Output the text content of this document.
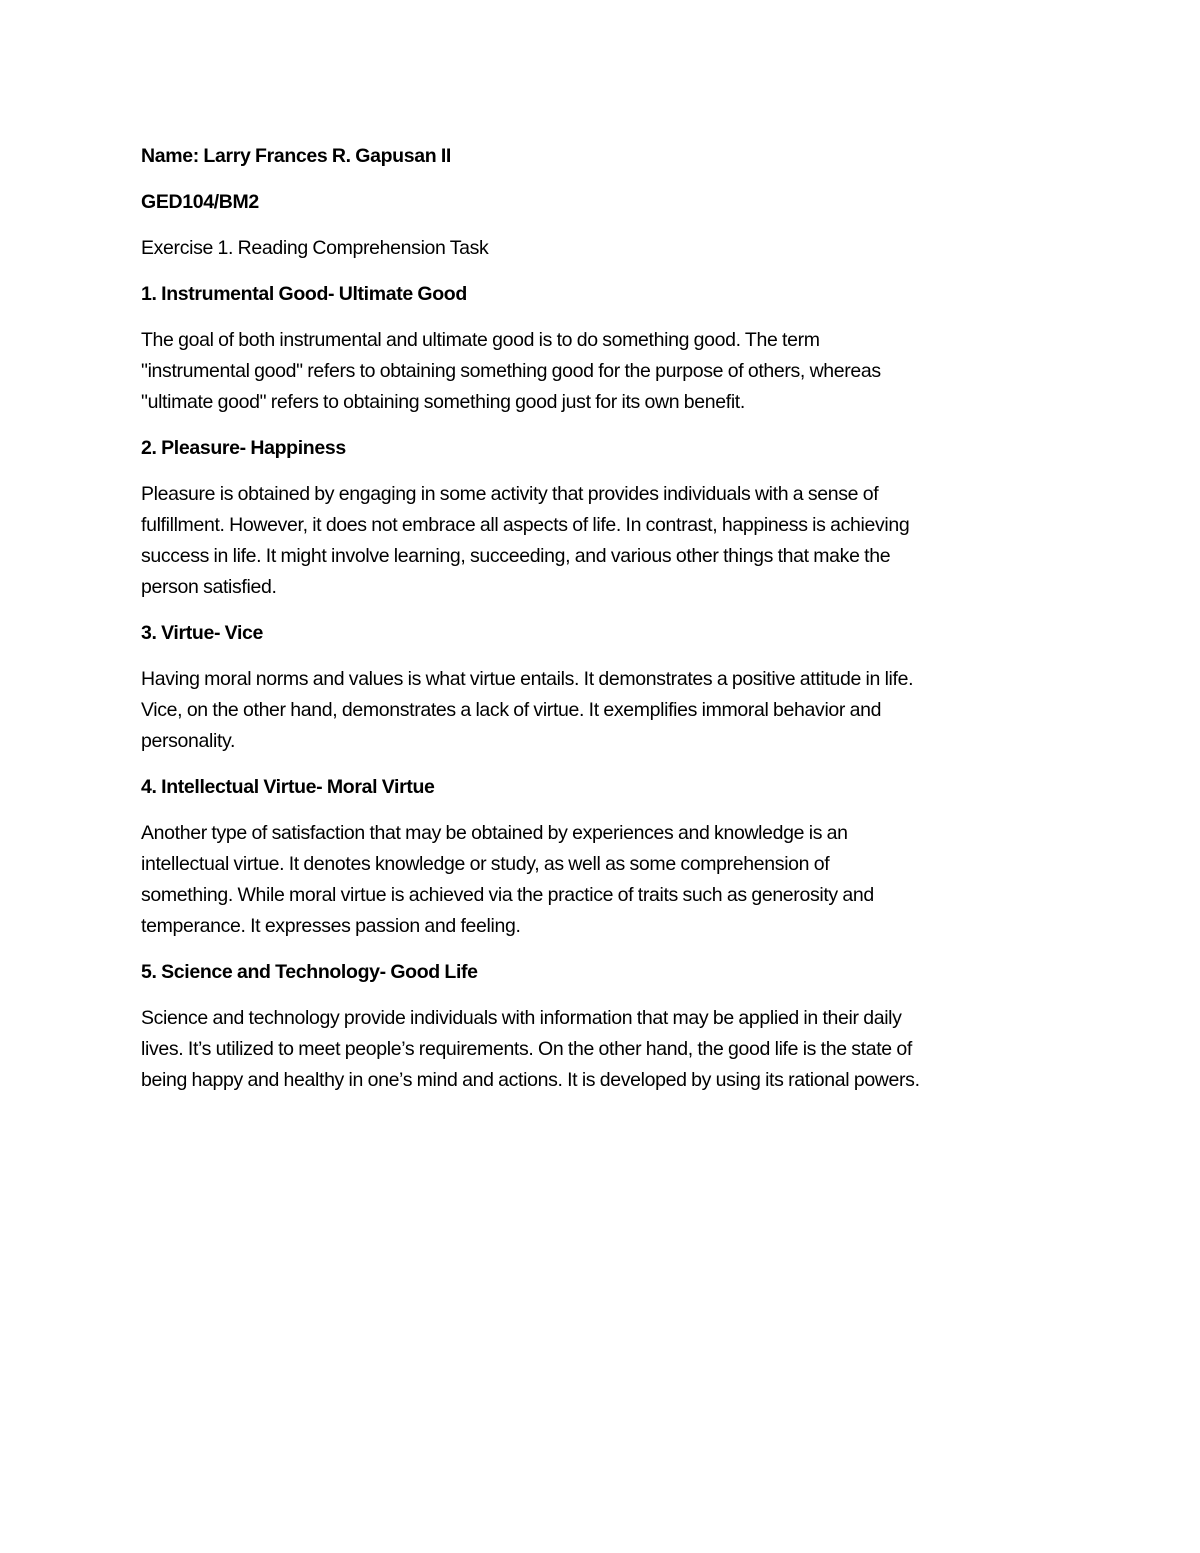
Name: Larry Frances R. Gapusan II

GED104/BM2

Exercise 1. Reading Comprehension Task

1. Instrumental Good- Ultimate Good

The goal of both instrumental and ultimate good is to do something good. The term
"instrumental good" refers to obtaining something good for the purpose of others, whereas
"ultimate good" refers to obtaining something good just for its own benefit.

2. Pleasure- Happiness

Pleasure is obtained by engaging in some activity that provides individuals with a sense of
fulfillment. However, it does not embrace all aspects of life. In contrast, happiness is achieving
success in life. It might involve learning, succeeding, and various other things that make the
person satisfied.

3. Virtue- Vice

Having moral norms and values is what virtue entails. It demonstrates a positive attitude in life.
Vice, on the other hand, demonstrates a lack of virtue. It exemplifies immoral behavior and
personality.

4. Intellectual Virtue- Moral Virtue

Another type of satisfaction that may be obtained by experiences and knowledge is an
intellectual virtue. It denotes knowledge or study, as well as some comprehension of
something. While moral virtue is achieved via the practice of traits such as generosity and
temperance. It expresses passion and feeling.

5. Science and Technology- Good Life

Science and technology provide individuals with information that may be applied in their daily
lives. It’s utilized to meet people’s requirements. On the other hand, the good life is the state of
being happy and healthy in one’s mind and actions. It is developed by using its rational powers.
